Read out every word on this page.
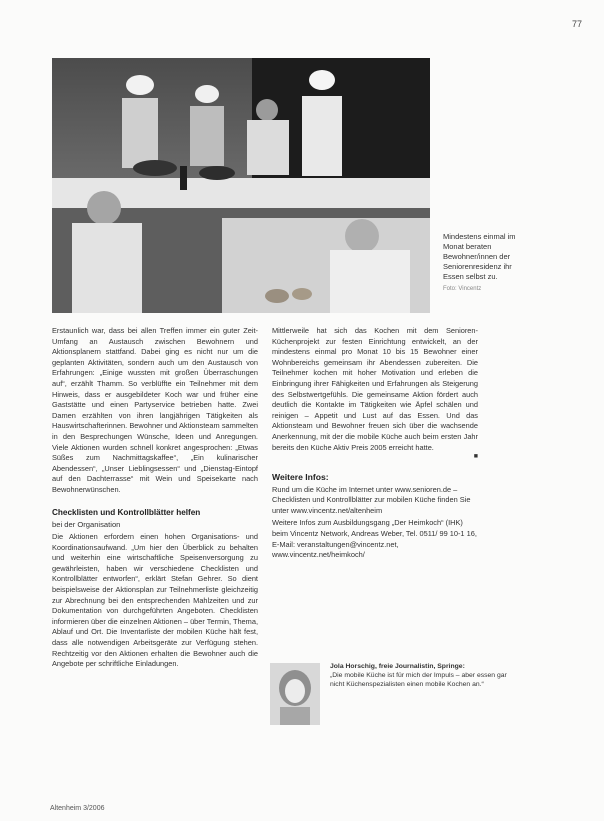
77
Mindestens einmal im Monat beraten Bewohner/innen der Seniorenresidenz ihr Essen selbst zu.
Foto: Vincentz

Erstaunlich war, dass bei allen Treffen immer ein guter Zeit-Umfang an Austausch zwischen Bewohnern und Aktionsplanern stattfand. Dabei ging es nicht nur um die geplanten Aktivitäten, sondern auch um den Austausch von Erfahrungen: „Einige wussten mit großen Überraschungen auf“, erzählt Thamm. So verblüffte ein Teilnehmer mit dem Hinweis, dass er ausgebildeter Koch war und früher eine Gaststätte und einen Partyservice betrieben hatte. Zwei Damen erzählten von ihren langjährigen Tätigkeiten als Hauswirtschafterinnen. Bewohner und Aktionsteam sammelten in den Besprechungen Wünsche, Ideen und Anregungen. Viele Aktionen wurden schnell konkret angesprochen: „Etwas Süßes zum Nachmittagskaffee“, „Ein kulinarischer Abendessen“, „Unser Lieblingsessen“ und „Dienstag-Eintopf auf den Dachterrasse“ mit Wein und Speisekarte nach Bewohnerwünschen.

Checklisten und Kontrollblätter helfen
bei der Organisation

Die Aktionen erfordern einen hohen Organisations- und Koordinationsaufwand. „Um hier den Überblick zu behalten und weiterhin eine wirtschaftliche Speisenversorgung zu gewährleisten, haben wir verschiedene Checklisten und Kontrollblätter entworfen“, erklärt Stefan Gehrer. So dient beispielsweise der Aktionsplan zur Teilnehmerliste gleichzeitig zur Abrechnung bei den entsprechenden Mahlzeiten und zur Dokumentation von durchgeführten Angeboten. Checklisten informieren über die einzelnen Aktionen – über Termin, Thema, Ablauf und Ort. Die Inventarliste der mobilen Küche hält fest, dass alle notwendigen Arbeitsgeräte zur Verfügung stehen. Rechtzeitig vor den Aktionen erhalten die Bewohner auch die Angebote per schriftliche Einladungen.

Mittlerweile hat sich das Kochen mit dem Senioren-Küchenprojekt zur festen Einrichtung entwickelt, an der mindestens einmal pro Monat 10 bis 15 Bewohner einer Wohnbereichs gemeinsam ihr Abendessen zubereiten. Die Teilnehmer kochen mit hoher Motivation und erleben die Einbringung ihrer Fähigkeiten und Erfahrungen als Steigerung des Selbstwertgefühls. Die gemeinsame Aktion fördert auch deutlich die Kontakte im Tätigkeiten wie Äpfel schälen und reinigen – Appetit und Lust auf das Essen. Und das Aktionsteam und Bewohner freuen sich über die wachsende Anerkennung, mit der die mobile Küche auch beim ersten Jahr bereits den Küche Aktiv Preis 2005 erreicht hatte.

■
Weitere Infos:

Rund um die Küche im Internet unter www.senioren.de – Checklisten und Kontrollblätter zur mobilen Küche finden Sie unter www.vincentz.net/altenheim

Weitere Infos zum Ausbildungsgang „Der Heimkoch“ (IHK) beim Vincentz Network, Andreas Weber, Tel. 0511/ 99 10-1 16, E-Mail: veranstaltungen@vincentz.net, www.vincentz.net/heimkoch/

Jola Horschig, freie Journalistin, Springe:
„Die mobile Küche ist für mich der Impuls – aber essen gar nicht Küchenspezialisten einen mobile Kochen an.“
Altenheim 3/2006
